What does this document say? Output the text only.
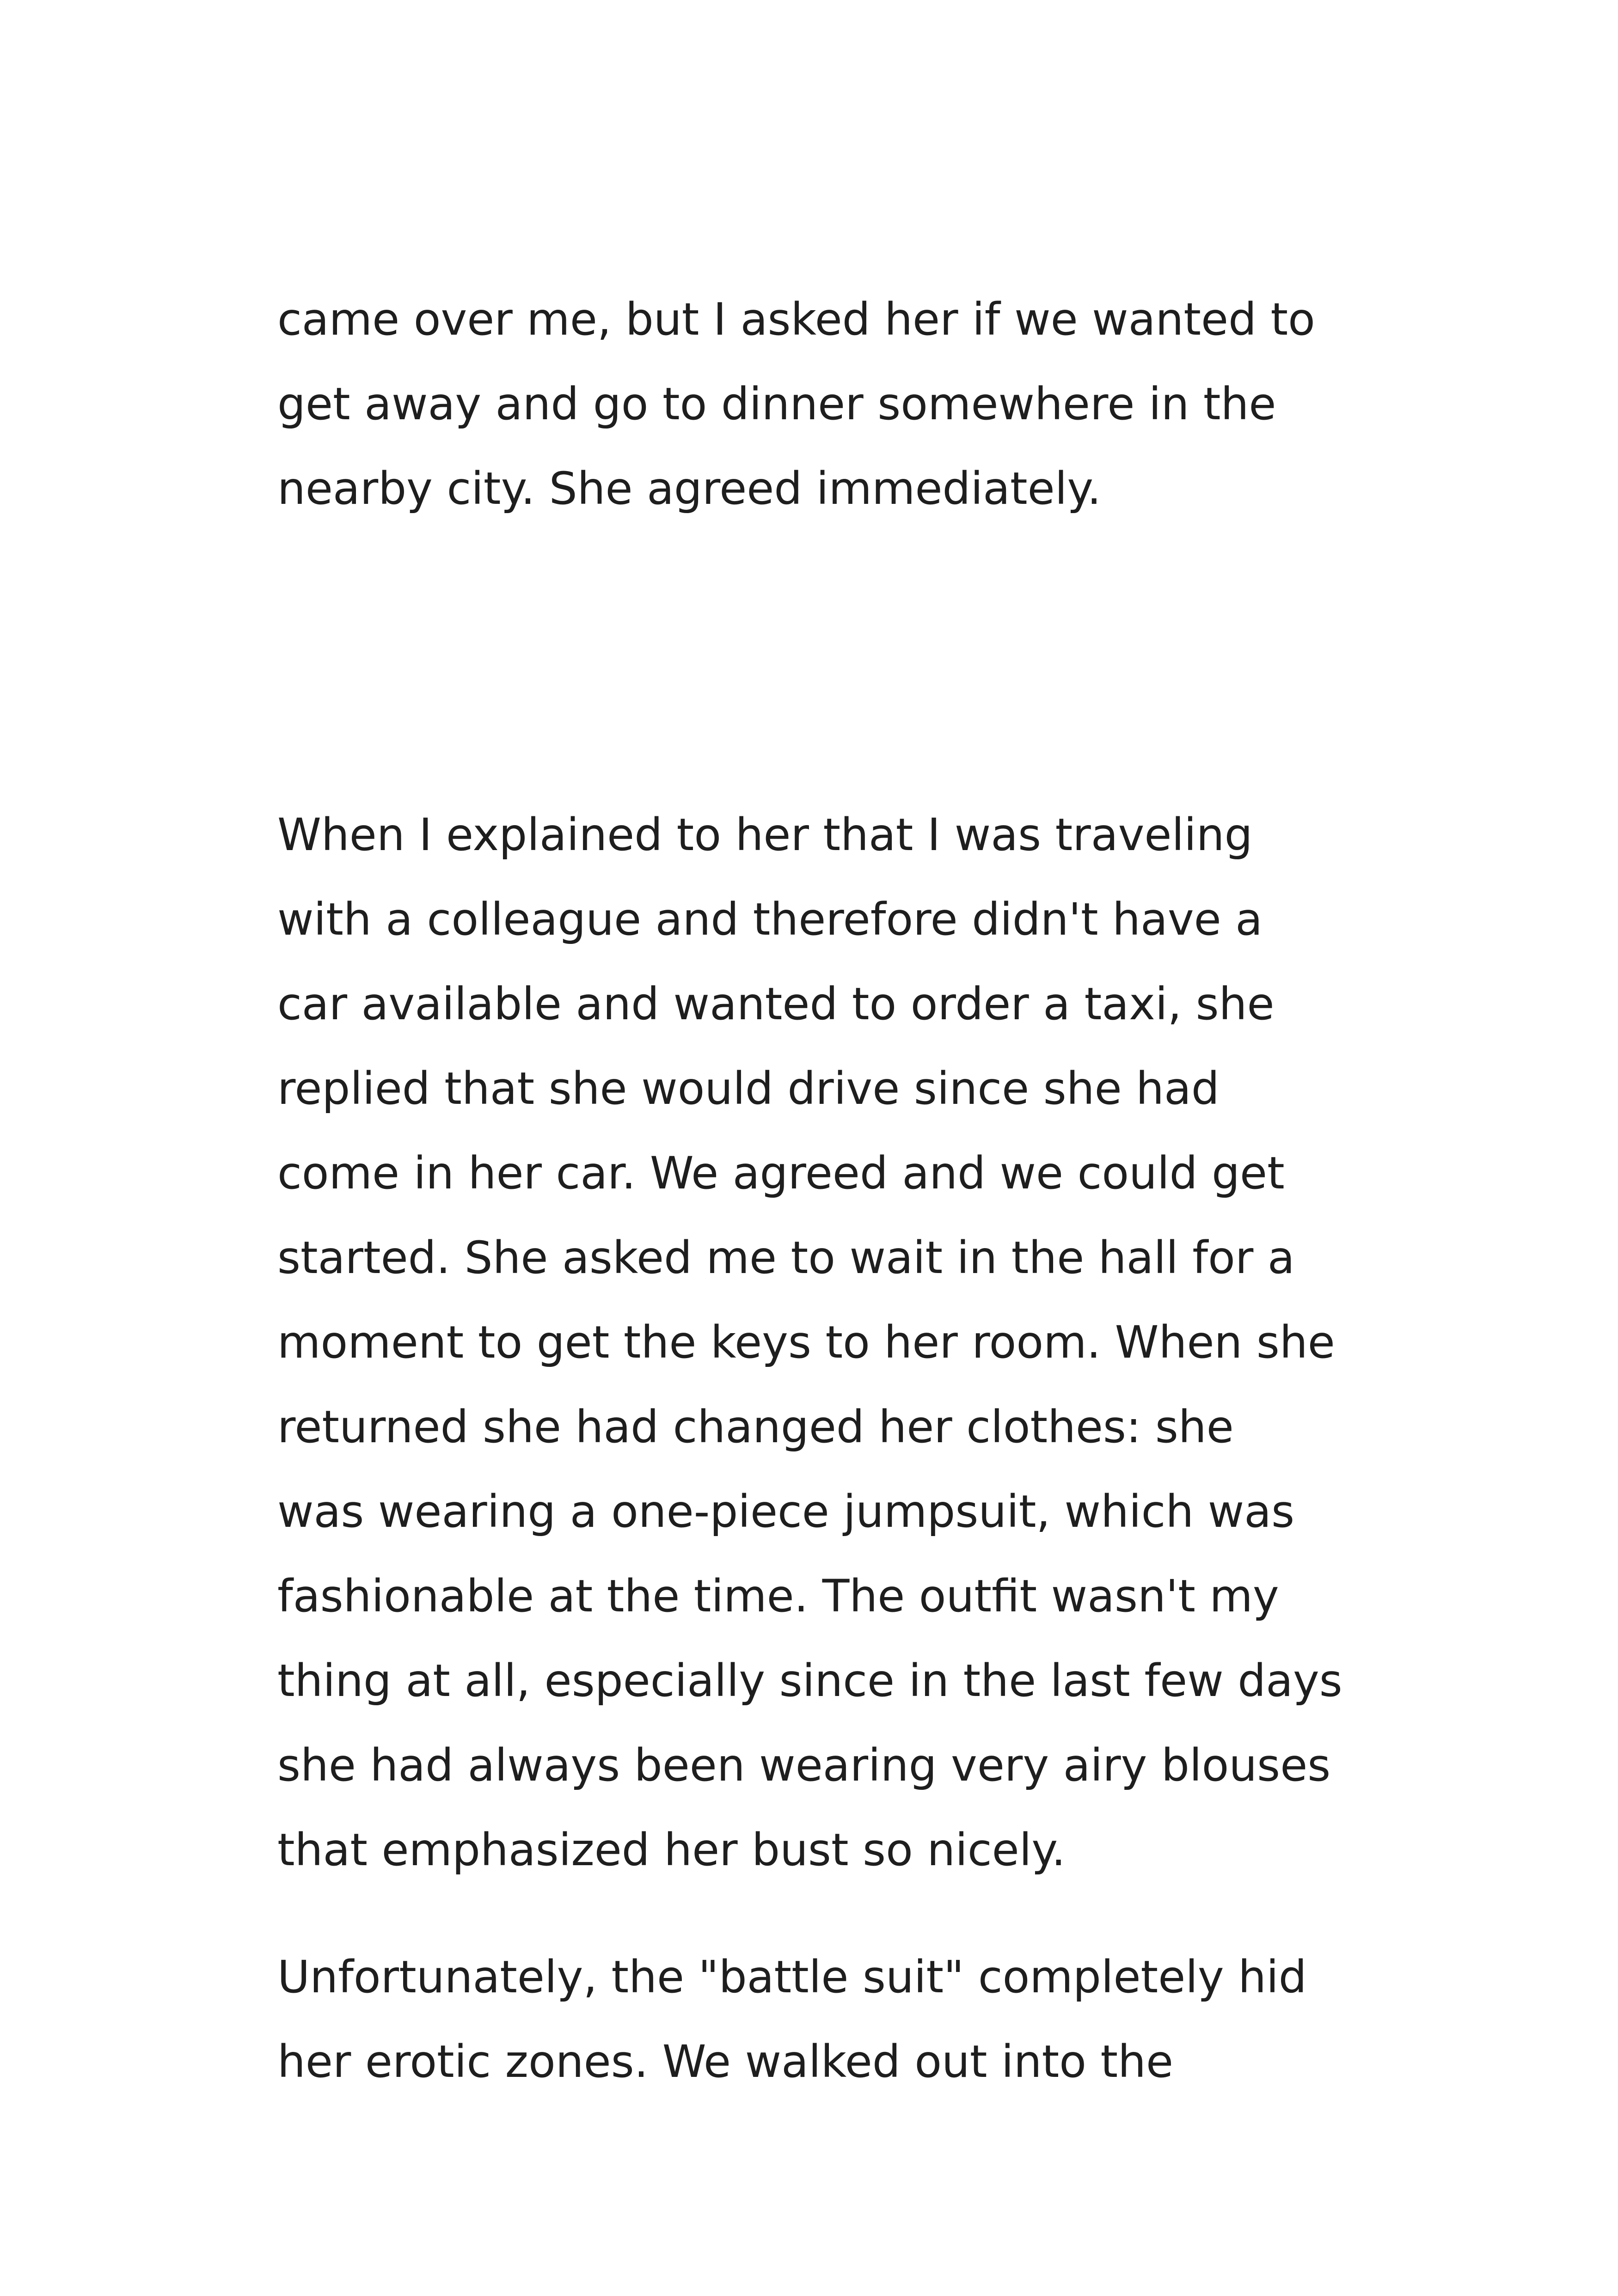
came over me, but I asked her if we wanted to
get away and go to dinner somewhere in the
nearby city. She agreed immediately.
When I explained to her that I was traveling
with a colleague and therefore didn't have a
car available and wanted to order a taxi, she
replied that she would drive since she had
come in her car. We agreed and we could get
started. She asked me to wait in the hall for a
moment to get the keys to her room. When she
returned she had changed her clothes: she
was wearing a one-piece jumpsuit, which was
fashionable at the time. The outfit wasn't my
thing at all, especially since in the last few days
she had always been wearing very airy blouses
that emphasized her bust so nicely.
Unfortunately, the "battle suit" completely hid
her erotic zones. We walked out into the
